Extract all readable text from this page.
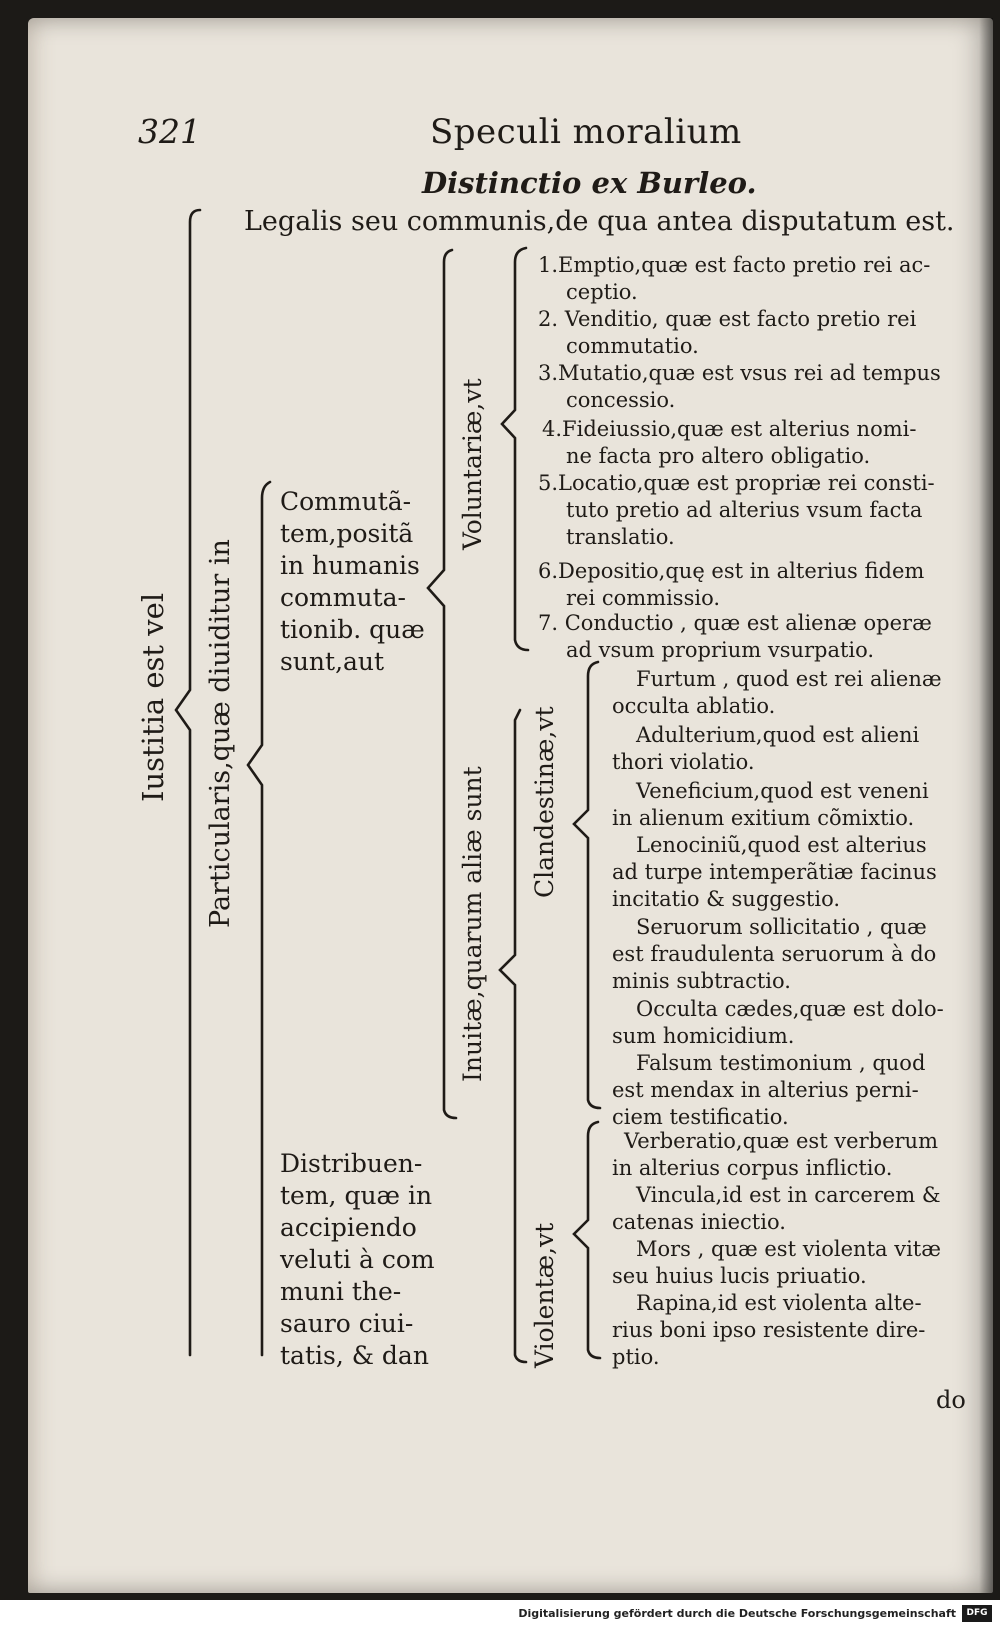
321	Speculi moralium
Distinctio ex Burleo.
Legalis seu communis,de qua antea disputatum est.
Iustitia est vel Particularis,quæ diuiditur in
Voluntariæ,vt
Inuitæ,quarum aliæ sunt Clandestinæ,vt
Violentæ,vt
Commutã-
tem,positã
in humanis
commuta-
tionib. quæ
sunt,aut
Distribuen-
tem, quæ in
accipiendo
veluti à com
muni the-
sauro ciui-
tatis, & dan
1.Emptio,quæ est facto pretio rei ac-
ceptio.
2. Venditio, quæ est facto pretio rei
commutatio.
3.Mutatio,quæ est vsus rei ad tempus
concessio.
4.Fideiussio,quæ est alterius nomi-
ne facta pro altero obligatio.
5.Locatio,quæ est propriæ rei consti-
tuto pretio ad alterius vsum facta
translatio.
6.Depositio,quę est in alterius fidem
rei commissio.
7. Conductio , quæ est alienæ operæ
ad vsum proprium vsurpatio.
Furtum , quod est rei alienæ
occulta ablatio.
Adulterium,quod est alieni
thori violatio.
Veneficium,quod est veneni
in alienum exitium cõmixtio.
Lenociniũ,quod est alterius
ad turpe intemperãtiæ facinus
incitatio & suggestio.
Seruorum sollicitatio , quæ
est fraudulenta seruorum à do
minis subtractio.
Occulta cædes,quæ est dolo-
sum homicidium.
Falsum testimonium , quod
est mendax in alterius perni-
ciem testificatio.
Verberatio,quæ est verberum
in alterius corpus inflictio.
Vincula,id est in carcerem &
catenas iniectio.
Mors , quæ est violenta vitæ
seu huius lucis priuatio.
Rapina,id est violenta alte-
rius boni ipso resistente dire-
ptio.
do
Digitalisierung gefördert durch die Deutsche Forschungsgemeinschaft	DFG
